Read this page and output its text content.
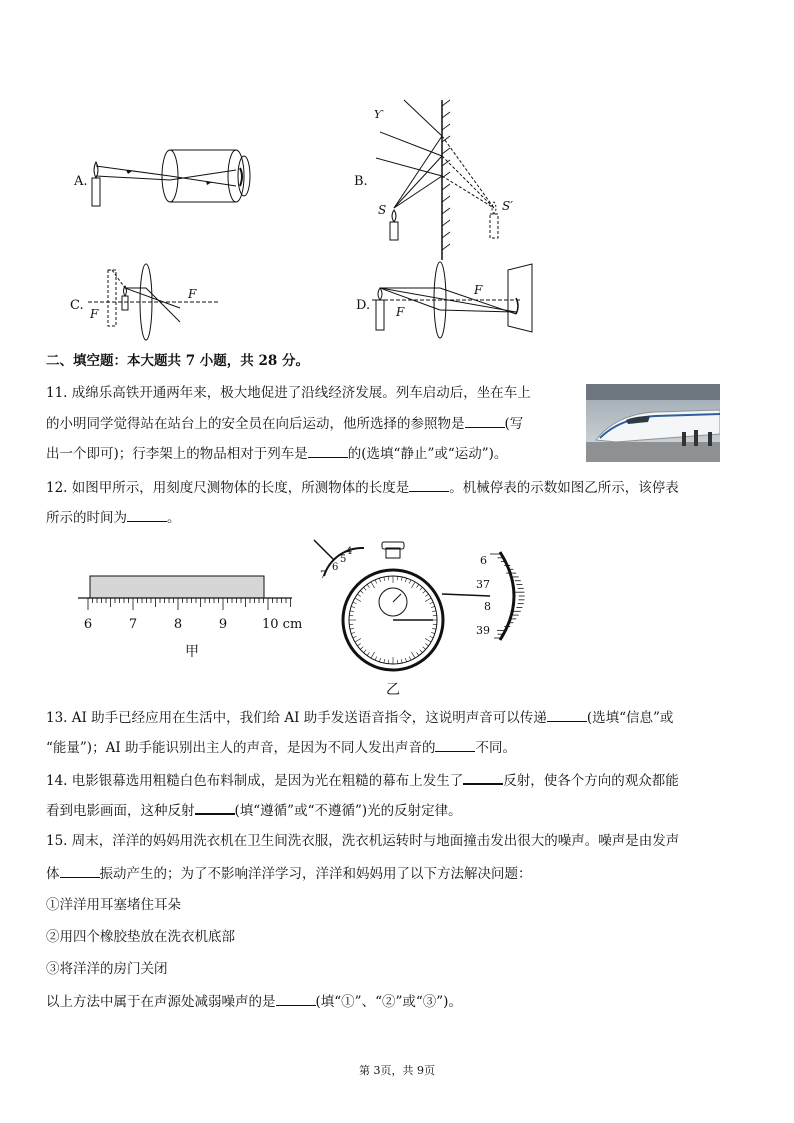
A.	B.
Ƴ
S	S′
C.
F
F
D.
F
F
二、填空题：本大题共 7 小题，共 28 分。
11. 成绵乐高铁开通两年来，极大地促进了沿线经济发展。列车启动后，坐在车上
的小明同学觉得站在站台上的安全员在向后运动，他所选择的参照物是	(写
出一个即可)；行李架上的物品相对于列车是	的(选填“静止”或“运动”)。
12. 如图甲所示，用刻度尺测物体的长度，所测物体的长度是	。机械停表的示数如图乙所示，该停表
所示的时间为	。
6	7	8	9	10 cm
甲
4
5
6
7
乙
6
37
8
39
13. AI 助手已经应用在生活中，我们给 AI 助手发送语音指令，这说明声音可以传递	(选填“信息”或
“能量”)；AI 助手能识别出主人的声音，是因为不同人发出声音的	不同。
14. 电影银幕选用粗糙白色布料制成，是因为光在粗糙的幕布上发生了	反射，使各个方向的观众都能
看到电影画面，这种反射	(填“遵循”或“不遵循”)光的反射定律。
15. 周末，洋洋的妈妈用洗衣机在卫生间洗衣服，洗衣机运转时与地面撞击发出很大的噪声。噪声是由发声
体	振动产生的；为了不影响洋洋学习，洋洋和妈妈用了以下方法解决问题：
①洋洋用耳塞堵住耳朵
②用四个橡胶垫放在洗衣机底部
③将洋洋的房门关闭
以上方法中属于在声源处减弱噪声的是	(填“①”、“②”或“③”)。
第 3页，共 9页
